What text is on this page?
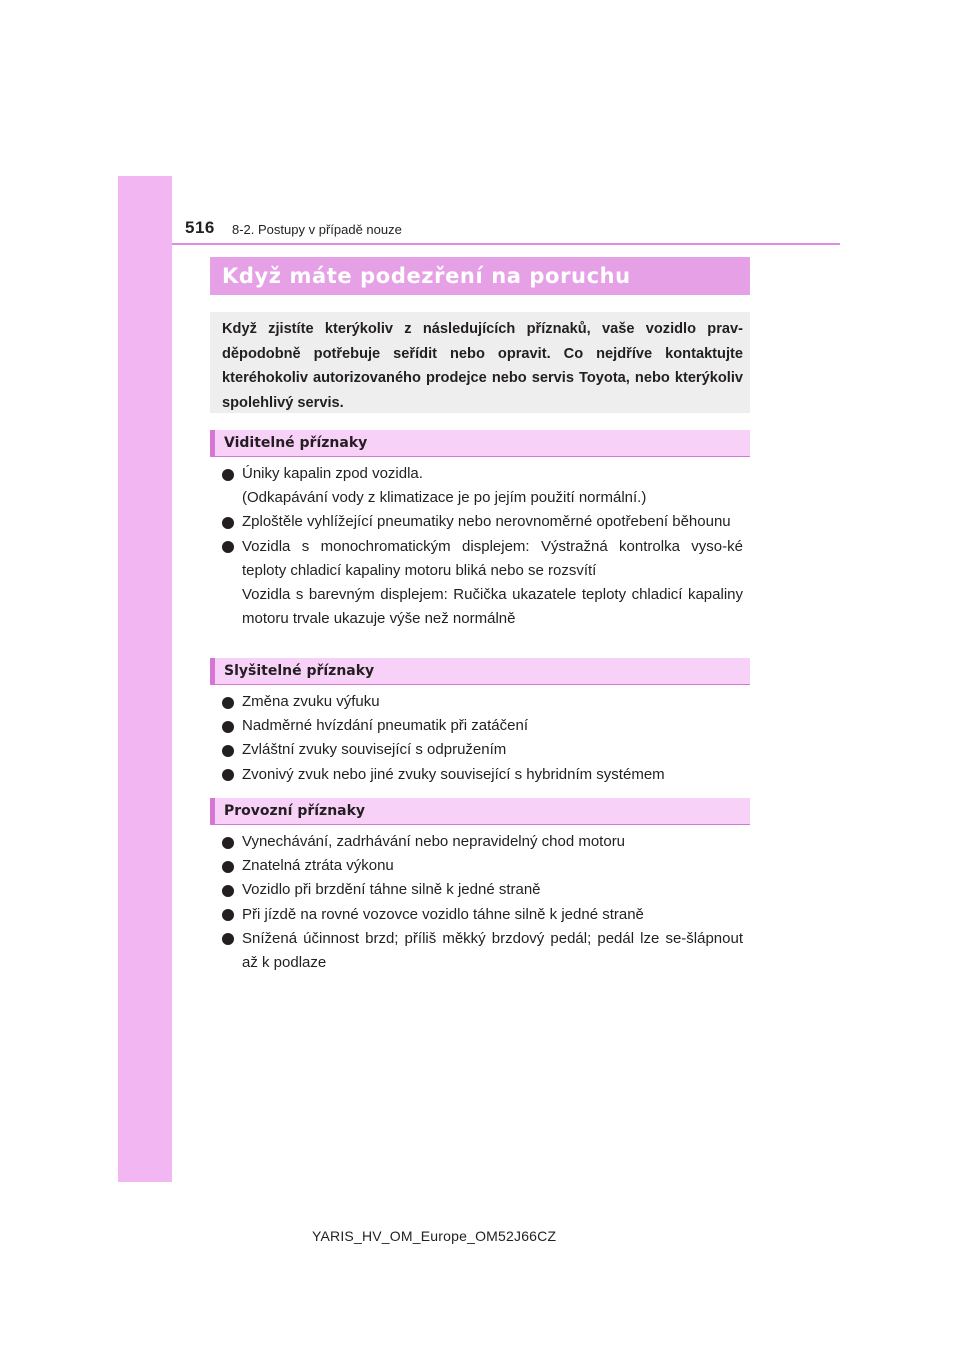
516 8-2. Postupy v případě nouze
Když máte podezření na poruchu
Když zjistíte kterýkoliv z následujících příznaků, vaše vozidlo prav-děpodobně potřebuje seřídit nebo opravit. Co nejdříve kontaktujte kteréhokoliv autorizovaného prodejce nebo servis Toyota, nebo kterýkoliv spolehlivý servis.
Viditelné příznaky
Úniky kapalin zpod vozidla.
(Odkapávání vody z klimatizace je po jejím použití normální.)
Zploštěle vyhlížející pneumatiky nebo nerovnoměrné opotřebení běhounu
Vozidla s monochromatickým displejem: Výstražná kontrolka vyso-ké teploty chladicí kapaliny motoru bliká nebo se rozsvítí
Vozidla s barevným displejem: Ručička ukazatele teploty chladicí kapaliny motoru trvale ukazuje výše než normálně
Slyšitelné příznaky
Změna zvuku výfuku
Nadměrné hvízdání pneumatik při zatáčení
Zvláštní zvuky související s odpružením
Zvonivý zvuk nebo jiné zvuky související s hybridním systémem
Provozní příznaky
Vynechávání, zadrhávání nebo nepravidelný chod motoru
Znatelná ztráta výkonu
Vozidlo při brzdění táhne silně k jedné straně
Při jízdě na rovné vozovce vozidlo táhne silně k jedné straně
Snížená účinnost brzd; příliš měkký brzdový pedál; pedál lze se-šlápnout až k podlaze
YARIS_HV_OM_Europe_OM52J66CZ
